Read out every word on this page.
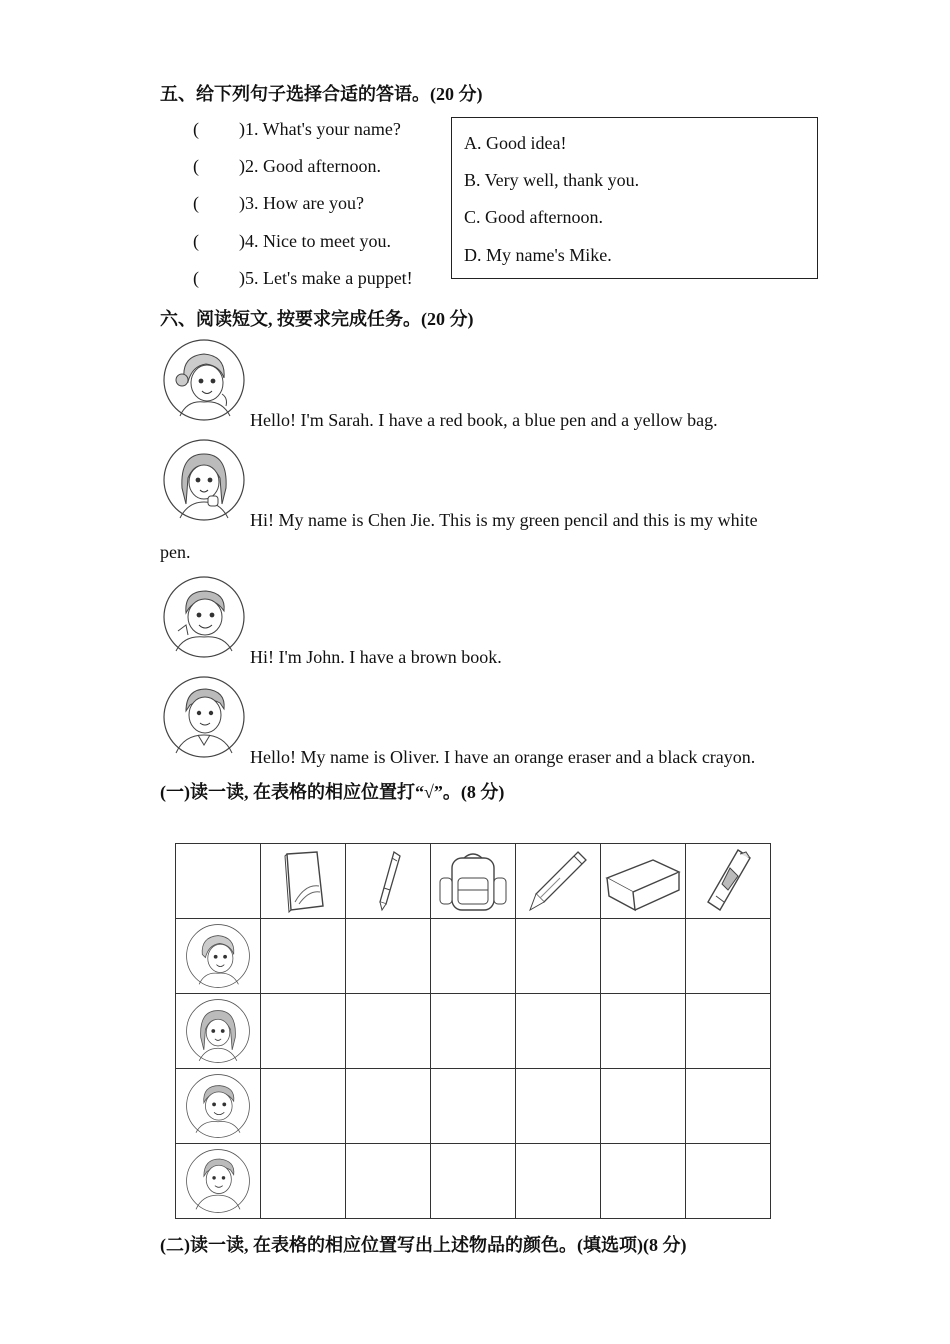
五、给下列句子选择合适的答语。(20 分)
( )1. What's your name?
( )2. Good afternoon.
( )3. How are you?
( )4. Nice to meet you.
( )5. Let's make a puppet!
A. Good idea!
B. Very well, thank you.
C. Good afternoon.
D. My name's Mike.
六、阅读短文, 按要求完成任务。(20 分)
Hello! I'm Sarah. I have a red book, a blue pen and a yellow bag.
Hi! My name is Chen Jie. This is my green pencil and this is my white
pen.
Hi! I'm John. I have a brown book.
Hello! My name is Oliver. I have an orange eraser and a black crayon.
(一)读一读, 在表格的相应位置打“√”。(8 分)

(二)读一读, 在表格的相应位置写出上述物品的颜色。(填选项)(8 分)
